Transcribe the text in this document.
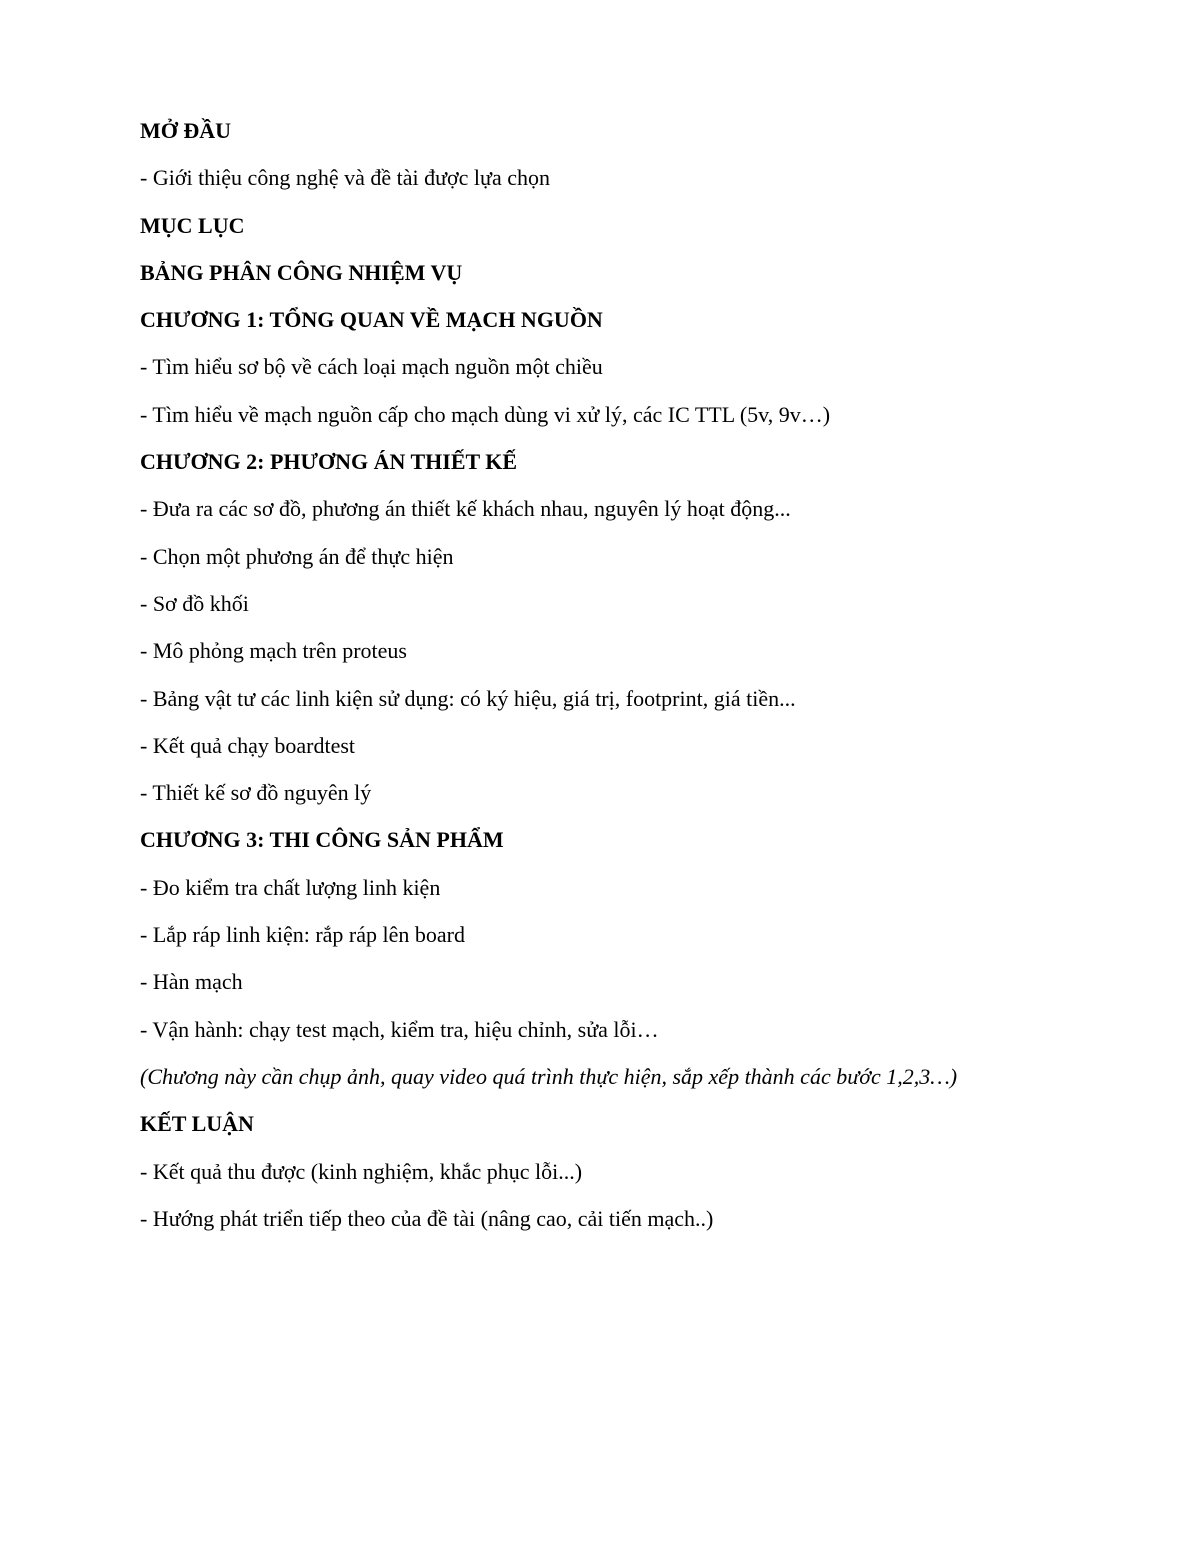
MỞ ĐẦU
- Giới thiệu công nghệ và đề tài được lựa chọn
MỤC LỤC
BẢNG PHÂN CÔNG NHIỆM VỤ
CHƯƠNG 1: TỔNG QUAN VỀ MẠCH NGUỒN
- Tìm hiểu sơ bộ về cách loại mạch nguồn một chiều
- Tìm hiểu về mạch nguồn cấp cho mạch dùng vi xử lý, các IC TTL (5v, 9v…)
CHƯƠNG 2: PHƯƠNG ÁN THIẾT KẾ
- Đưa ra các sơ đồ, phương án thiết kế khách nhau, nguyên lý hoạt động...
- Chọn một phương án để thực hiện
- Sơ đồ khối
- Mô phỏng mạch trên proteus
- Bảng vật tư các linh kiện sử dụng: có ký hiệu, giá trị, footprint, giá tiền...
- Kết quả chạy boardtest
- Thiết kế sơ đồ nguyên lý
CHƯƠNG 3: THI CÔNG SẢN PHẨM
- Đo kiểm tra chất lượng linh kiện
- Lắp ráp linh kiện: rắp ráp lên board
- Hàn mạch
- Vận hành: chạy test mạch, kiểm tra, hiệu chỉnh, sửa lỗi…
(Chương này cần chụp ảnh, quay video quá trình thực hiện, sắp xếp thành các bước 1,2,3…)
KẾT LUẬN
- Kết quả thu được (kinh nghiệm, khắc phục lỗi...)
- Hướng phát triển tiếp theo của đề tài (nâng cao, cải tiến mạch..)
